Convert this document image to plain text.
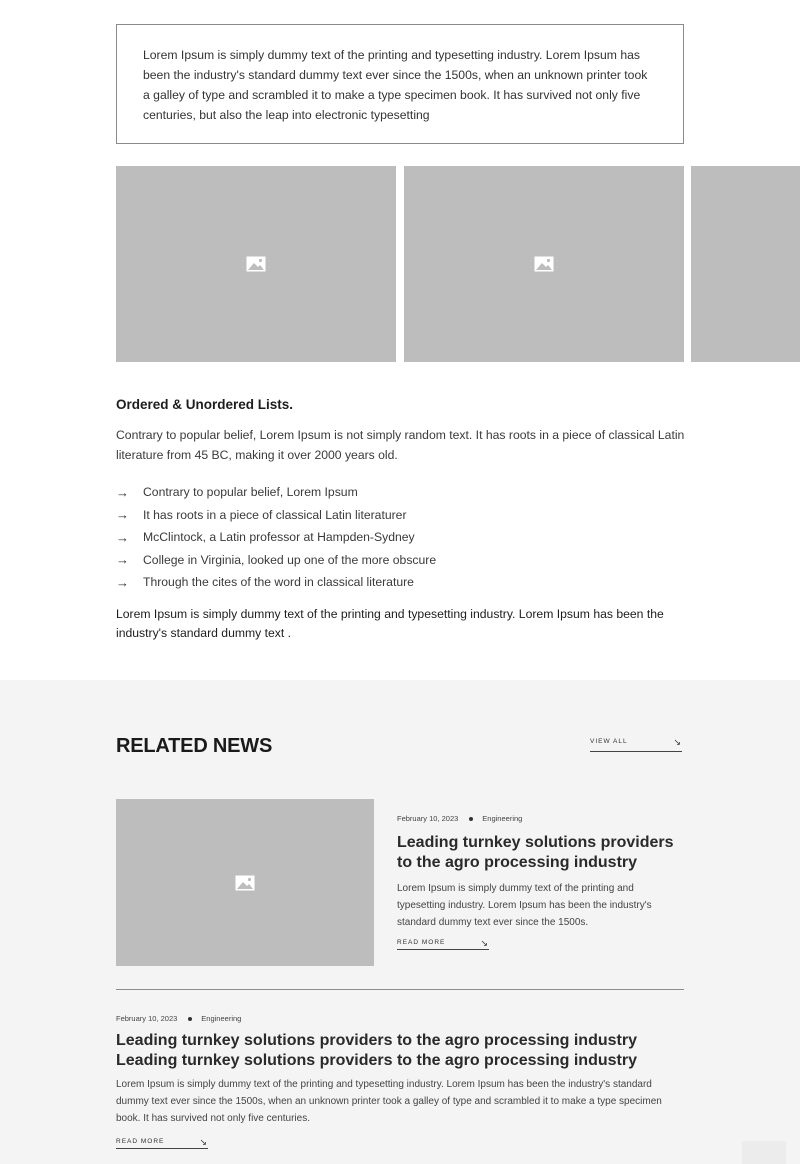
Lorem Ipsum is simply dummy text of the printing and typesetting industry. Lorem Ipsum has been the industry's standard dummy text ever since the 1500s, when an unknown printer took a galley of type and scrambled it to make a type specimen book. It has survived not only five centuries, but also the leap into electronic typesetting

Ordered & Unordered Lists.

Contrary to popular belief, Lorem Ipsum is not simply random text. It has roots in a piece of classical Latin literature from 45 BC, making it over 2000 years old.

→	Contrary to popular belief, Lorem Ipsum
→	It has roots in a piece of classical Latin literaturer
→	McClintock, a Latin professor at Hampden-Sydney
→	College in Virginia, looked up one of the more obscure
→	Through the cites of the word in classical literature

Lorem Ipsum is simply dummy text of the printing and typesetting industry. Lorem Ipsum has been the industry's standard dummy text .

RELATED NEWS	VIEW ALL	↘
February 10, 2023	Engineering
Leading turnkey solutions providers to the agro processing industry

Lorem Ipsum is simply dummy text of the printing and typesetting industry. Lorem Ipsum has been the industry's standard dummy text ever since the 1500s.

READ MORE	↘
February 10, 2023	Engineering
Leading turnkey solutions providers to the agro processing industry Leading turnkey solutions providers to the agro processing industry

Lorem Ipsum is simply dummy text of the printing and typesetting industry. Lorem Ipsum has been the industry's standard dummy text ever since the 1500s, when an unknown printer took a galley of type and scrambled it to make a type specimen book. It has survived not only five centuries.

READ MORE	↘
